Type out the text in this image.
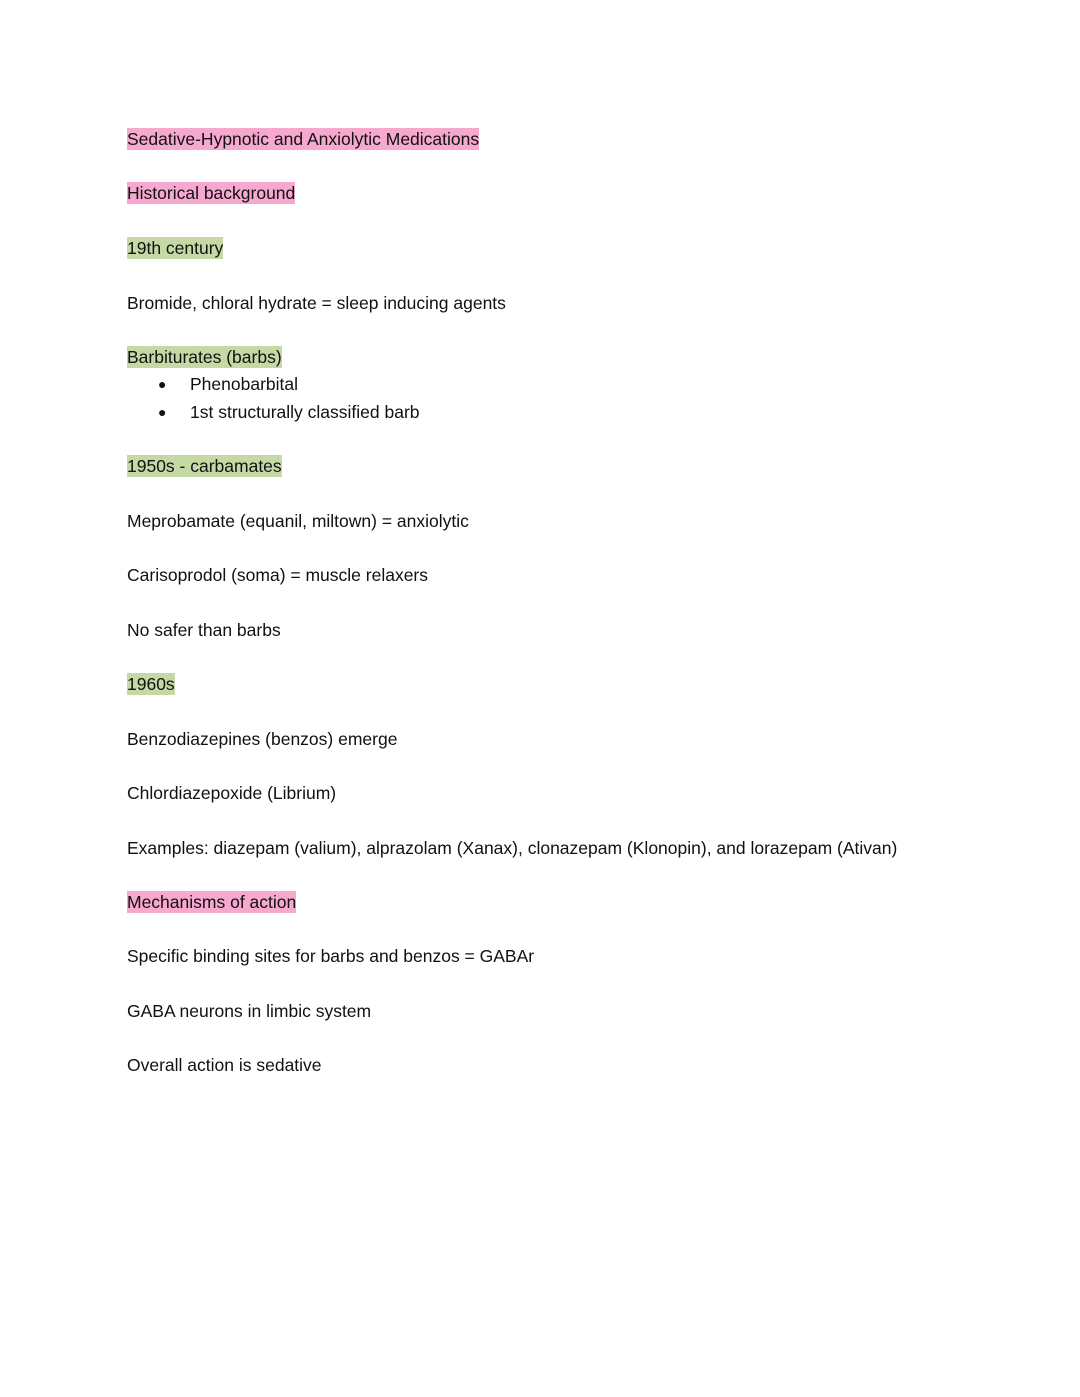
Sedative-Hypnotic and Anxiolytic Medications
Historical background
19th century
Bromide, chloral hydrate = sleep inducing agents
Barbiturates (barbs)
● Phenobarbital
● 1st structurally classified barb
1950s - carbamates
Meprobamate (equanil, miltown) = anxiolytic
Carisoprodol (soma) = muscle relaxers
No safer than barbs
1960s
Benzodiazepines (benzos) emerge
Chlordiazepoxide (Librium)
Examples: diazepam (valium), alprazolam (Xanax), clonazepam (Klonopin), and lorazepam (Ativan)
Mechanisms of action
Specific binding sites for barbs and benzos = GABAr
GABA neurons in limbic system
Overall action is sedative
